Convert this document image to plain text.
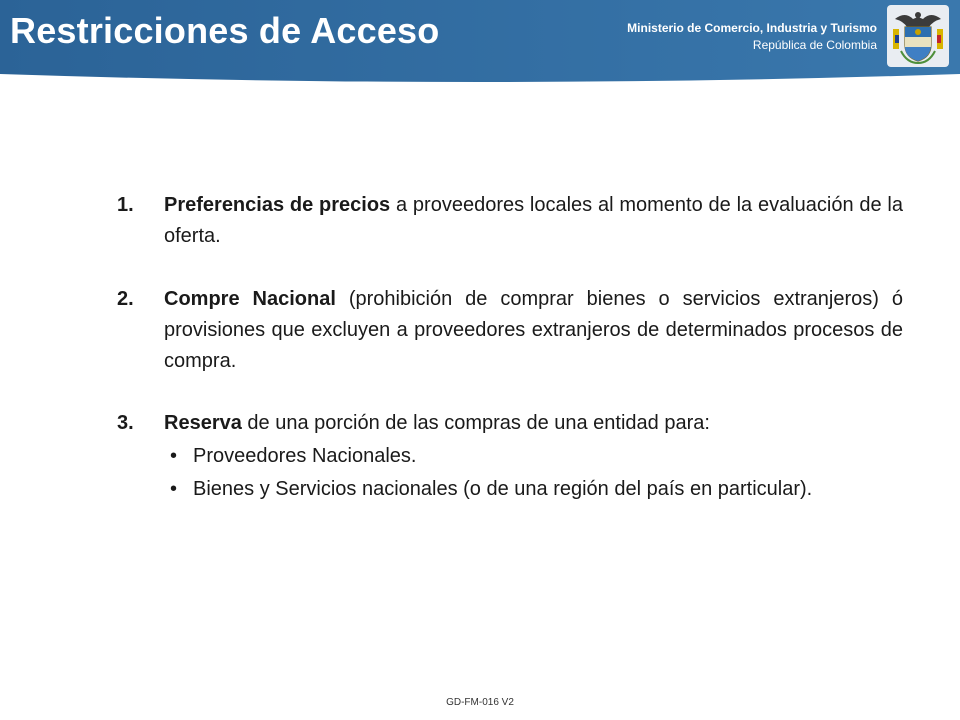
Restricciones de Acceso	Ministerio de Comercio, Industria y Turismo
República de Colombia
1. Preferencias de precios a proveedores locales al momento de la evaluación de la oferta.
2. Compre Nacional (prohibición de comprar bienes o servicios extranjeros) ó provisiones que excluyen a proveedores extranjeros de determinados procesos de compra.
3. Reserva de una porción de las compras de una entidad para:
• Proveedores Nacionales.
• Bienes y Servicios nacionales (o de una región del país en particular).
GD-FM-016 V2
